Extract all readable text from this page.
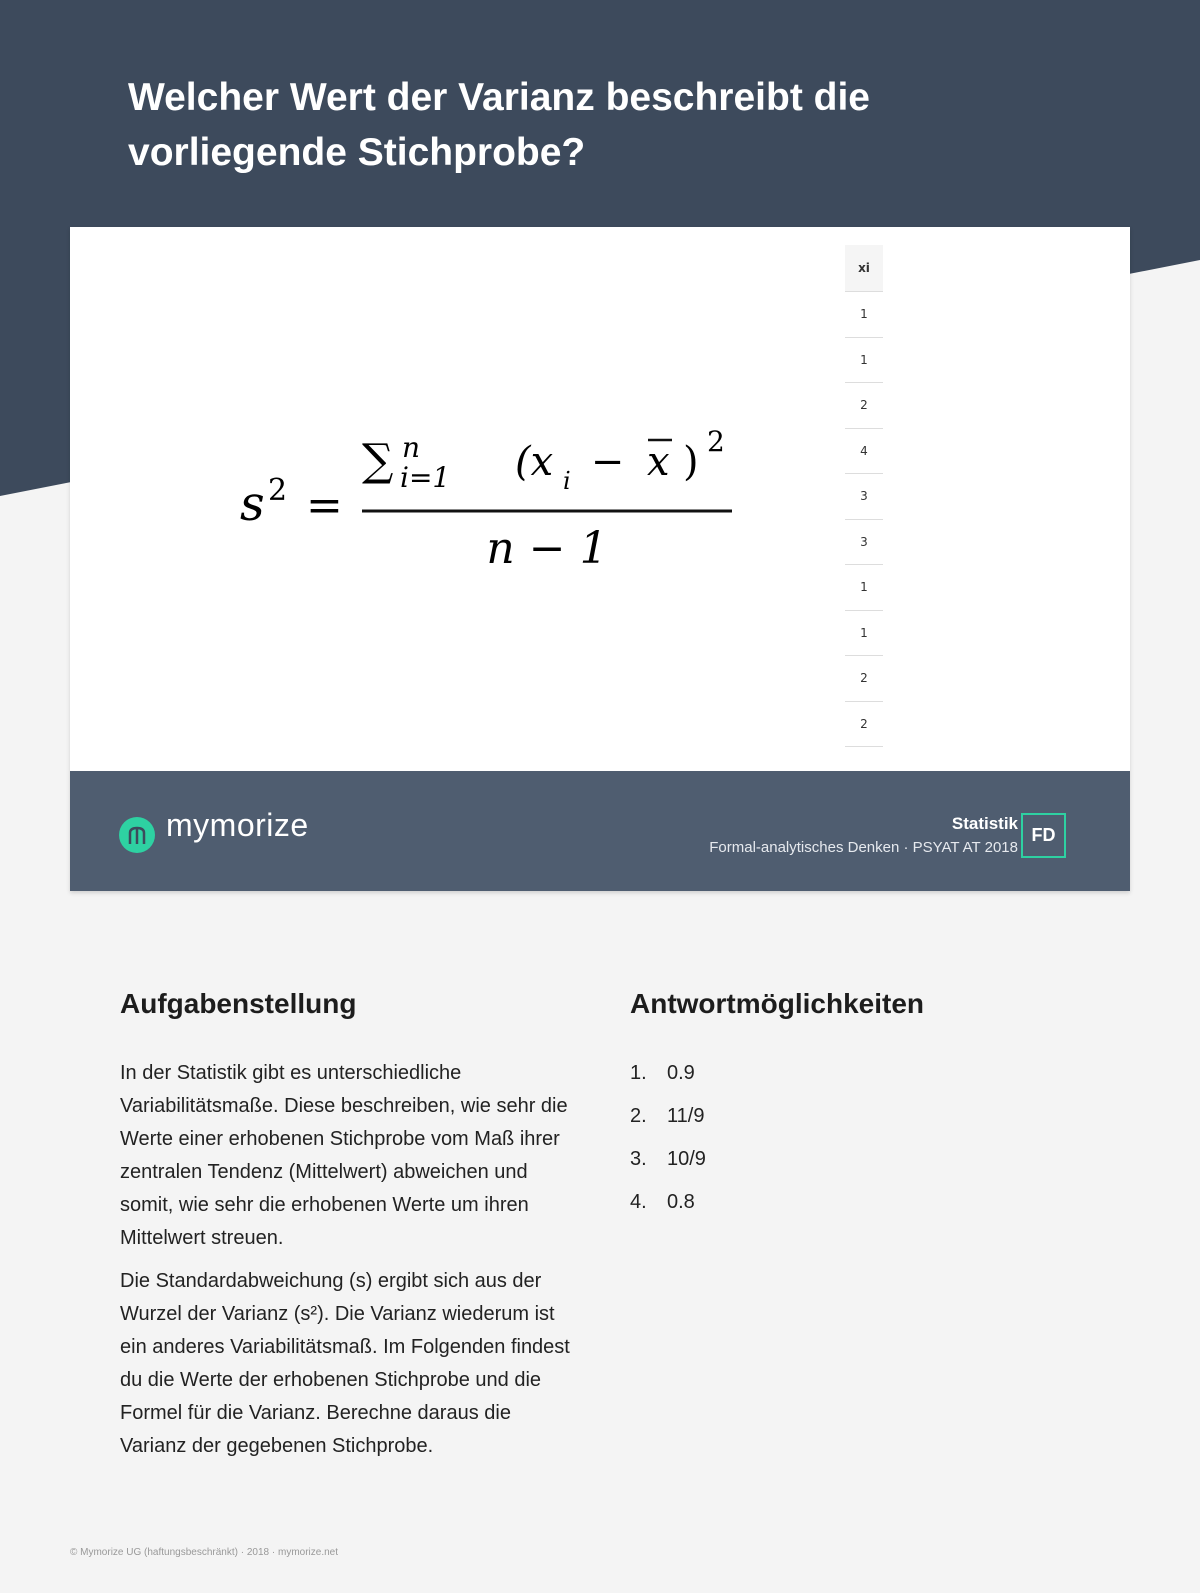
Welcher Wert der Varianz beschreibt die vorliegende Stichprobe?
s 2 =
∑ n
i=1 (x i − x ) 2
n − 1
xi
1
1
2
4
3
3
1
1
2
2
mymorize	Statistik
Formal-analytisches Denken · PSYAT AT 2018
FD
Aufgabenstellung

In der Statistik gibt es unterschiedliche Variabilitätsmaße. Diese beschreiben, wie sehr die Werte einer erhobenen Stichprobe vom Maß ihrer zentralen Tendenz (Mittelwert) abweichen und somit, wie sehr die erhobenen Werte um ihren Mittelwert streuen.

Die Standardabweichung (s) ergibt sich aus der Wurzel der Varianz (s²). Die Varianz wiederum ist ein anderes Variabilitätsmaß. Im Folgenden findest du die Werte der erhobenen Stichprobe und die Formel für die Varianz. Berechne daraus die Varianz der gegebenen Stichprobe.

Antwortmöglichkeiten
1.	0.9
2.	11/9
3.	10/9
4.	0.8
© Mymorize UG (haftungsbeschränkt) · 2018 · mymorize.net
